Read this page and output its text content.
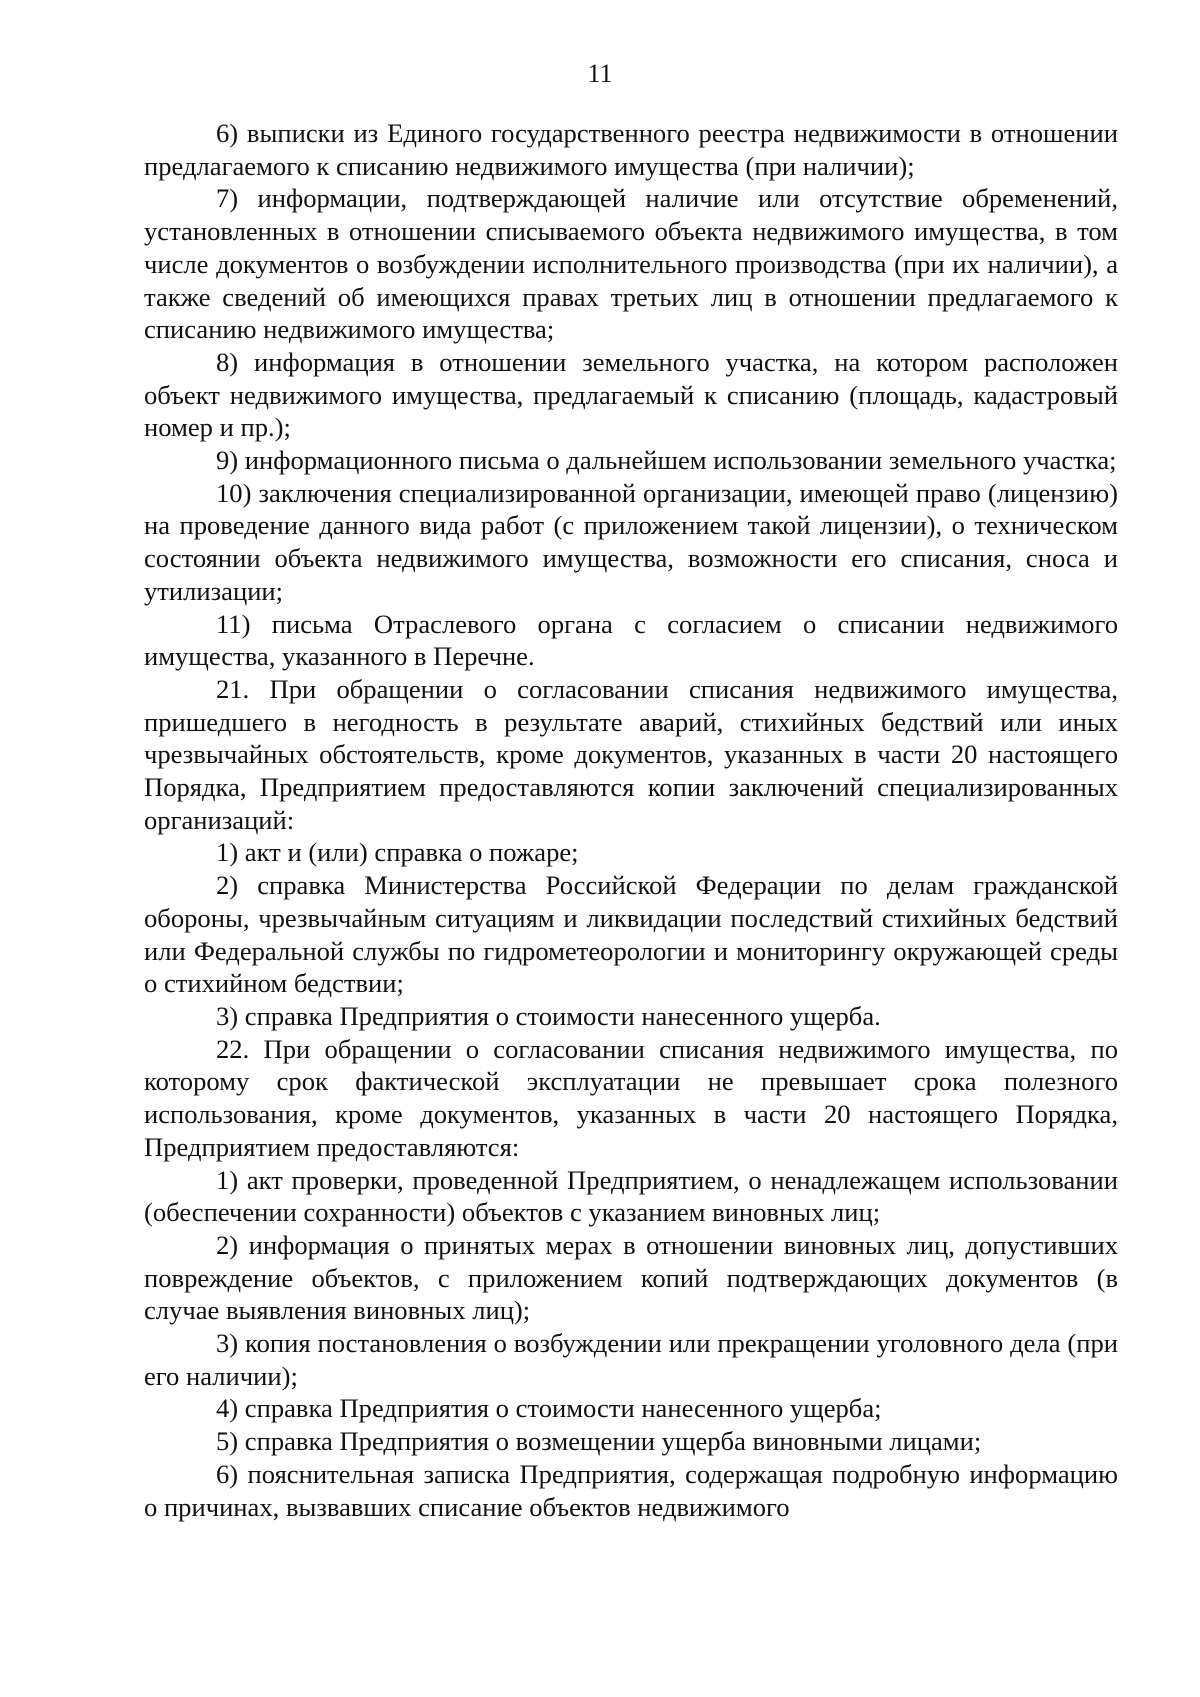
11

6) выписки из Единого государственного реестра недвижимости в отношении предлагаемого к списанию недвижимого имущества (при наличии);

7) информации, подтверждающей наличие или отсутствие обременений, установленных в отношении списываемого объекта недвижимого имущества, в том числе документов о возбуждении исполнительного производства (при их наличии), а также сведений об имеющихся правах третьих лиц в отношении предлагаемого к списанию недвижимого имущества;

8) информация в отношении земельного участка, на котором расположен объект недвижимого имущества, предлагаемый к списанию (площадь, кадастровый номер и пр.);

9) информационного письма о дальнейшем использовании земельного участка;

10) заключения специализированной организации, имеющей право (лицензию) на проведение данного вида работ (с приложением такой лицензии), о техническом состоянии объекта недвижимого имущества, возможности его списания, сноса и утилизации;

11) письма Отраслевого органа с согласием о списании недвижимого имущества, указанного в Перечне.

21. При обращении о согласовании списания недвижимого имущества, пришедшего в негодность в результате аварий, стихийных бедствий или иных чрезвычайных обстоятельств, кроме документов, указанных в части 20 настоящего Порядка, Предприятием предоставляются копии заключений специализированных организаций:

1) акт и (или) справка о пожаре;

2) справка Министерства Российской Федерации по делам гражданской обороны, чрезвычайным ситуациям и ликвидации последствий стихийных бедствий или Федеральной службы по гидрометеорологии и мониторингу окружающей среды о стихийном бедствии;

3) справка Предприятия о стоимости нанесенного ущерба.

22. При обращении о согласовании списания недвижимого имущества, по которому срок фактической эксплуатации не превышает срока полезного использования, кроме документов, указанных в части 20 настоящего Порядка, Предприятием предоставляются:

1) акт проверки, проведенной Предприятием, о ненадлежащем использовании (обеспечении сохранности) объектов с указанием виновных лиц;

2) информация о принятых мерах в отношении виновных лиц, допустивших повреждение объектов, с приложением копий подтверждающих документов (в случае выявления виновных лиц);

3) копия постановления о возбуждении или прекращении уголовного дела (при его наличии);

4) справка Предприятия о стоимости нанесенного ущерба;

5) справка Предприятия о возмещении ущерба виновными лицами;

6) пояснительная записка Предприятия, содержащая подробную информацию о причинах, вызвавших списание объектов недвижимого
